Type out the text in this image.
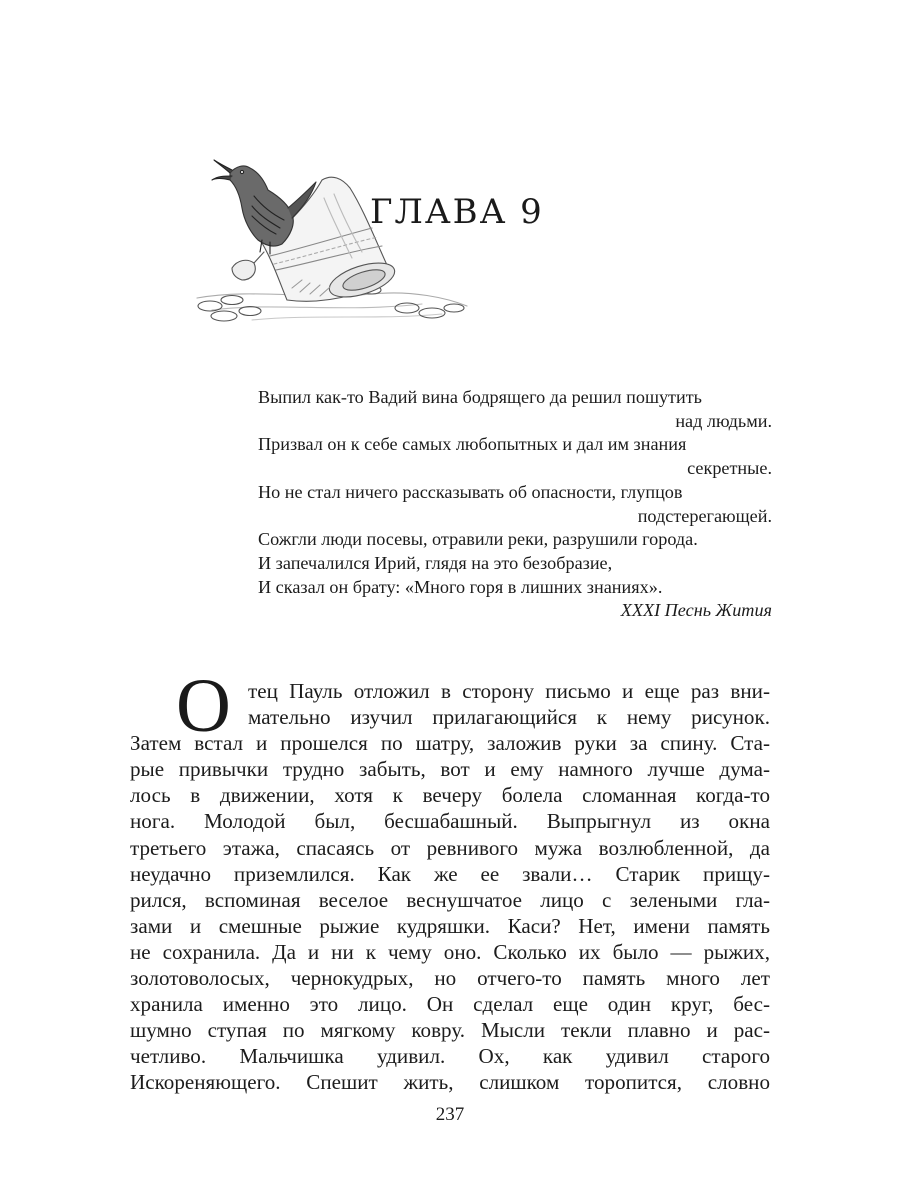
ГЛАВА 9
Выпил как-то Вадий вина бодрящего да решил пошутить
над людьми.
Призвал он к себе самых любопытных и дал им знания
секретные.
Но не стал ничего рассказывать об опасности, глупцов
подстерегающей.
Сожгли люди посевы, отравили реки, разрушили города.
И запечалился Ирий, глядя на это безобразие,
И сказал он брату: «Много горя в лишних знаниях».
XXXI Песнь Жития
О тец Пауль отложил в сторону письмо и еще раз вни-
мательно изучил прилагающийся к нему рисунок.
Затем встал и прошелся по шатру, заложив руки за спину. Ста-
рые привычки трудно забыть, вот и ему намного лучше дума-
лось в движении, хотя к вечеру болела сломанная когда-то
нога. Молодой был, бесшабашный. Выпрыгнул из окна
третьего этажа, спасаясь от ревнивого мужа возлюбленной, да
неудачно приземлился. Как же ее звали… Старик прищу-
рился, вспоминая веселое веснушчатое лицо с зелеными гла-
зами и смешные рыжие кудряшки. Каси? Нет, имени память
не сохранила. Да и ни к чему оно. Сколько их было — рыжих,
золотоволосых, чернокудрых, но отчего-то память много лет
хранила именно это лицо. Он сделал еще один круг, бес-
шумно ступая по мягкому ковру. Мысли текли плавно и рас-
четливо. Мальчишка удивил. Ох, как удивил старого
Искореняющего. Спешит жить, слишком торопится, словно
237
